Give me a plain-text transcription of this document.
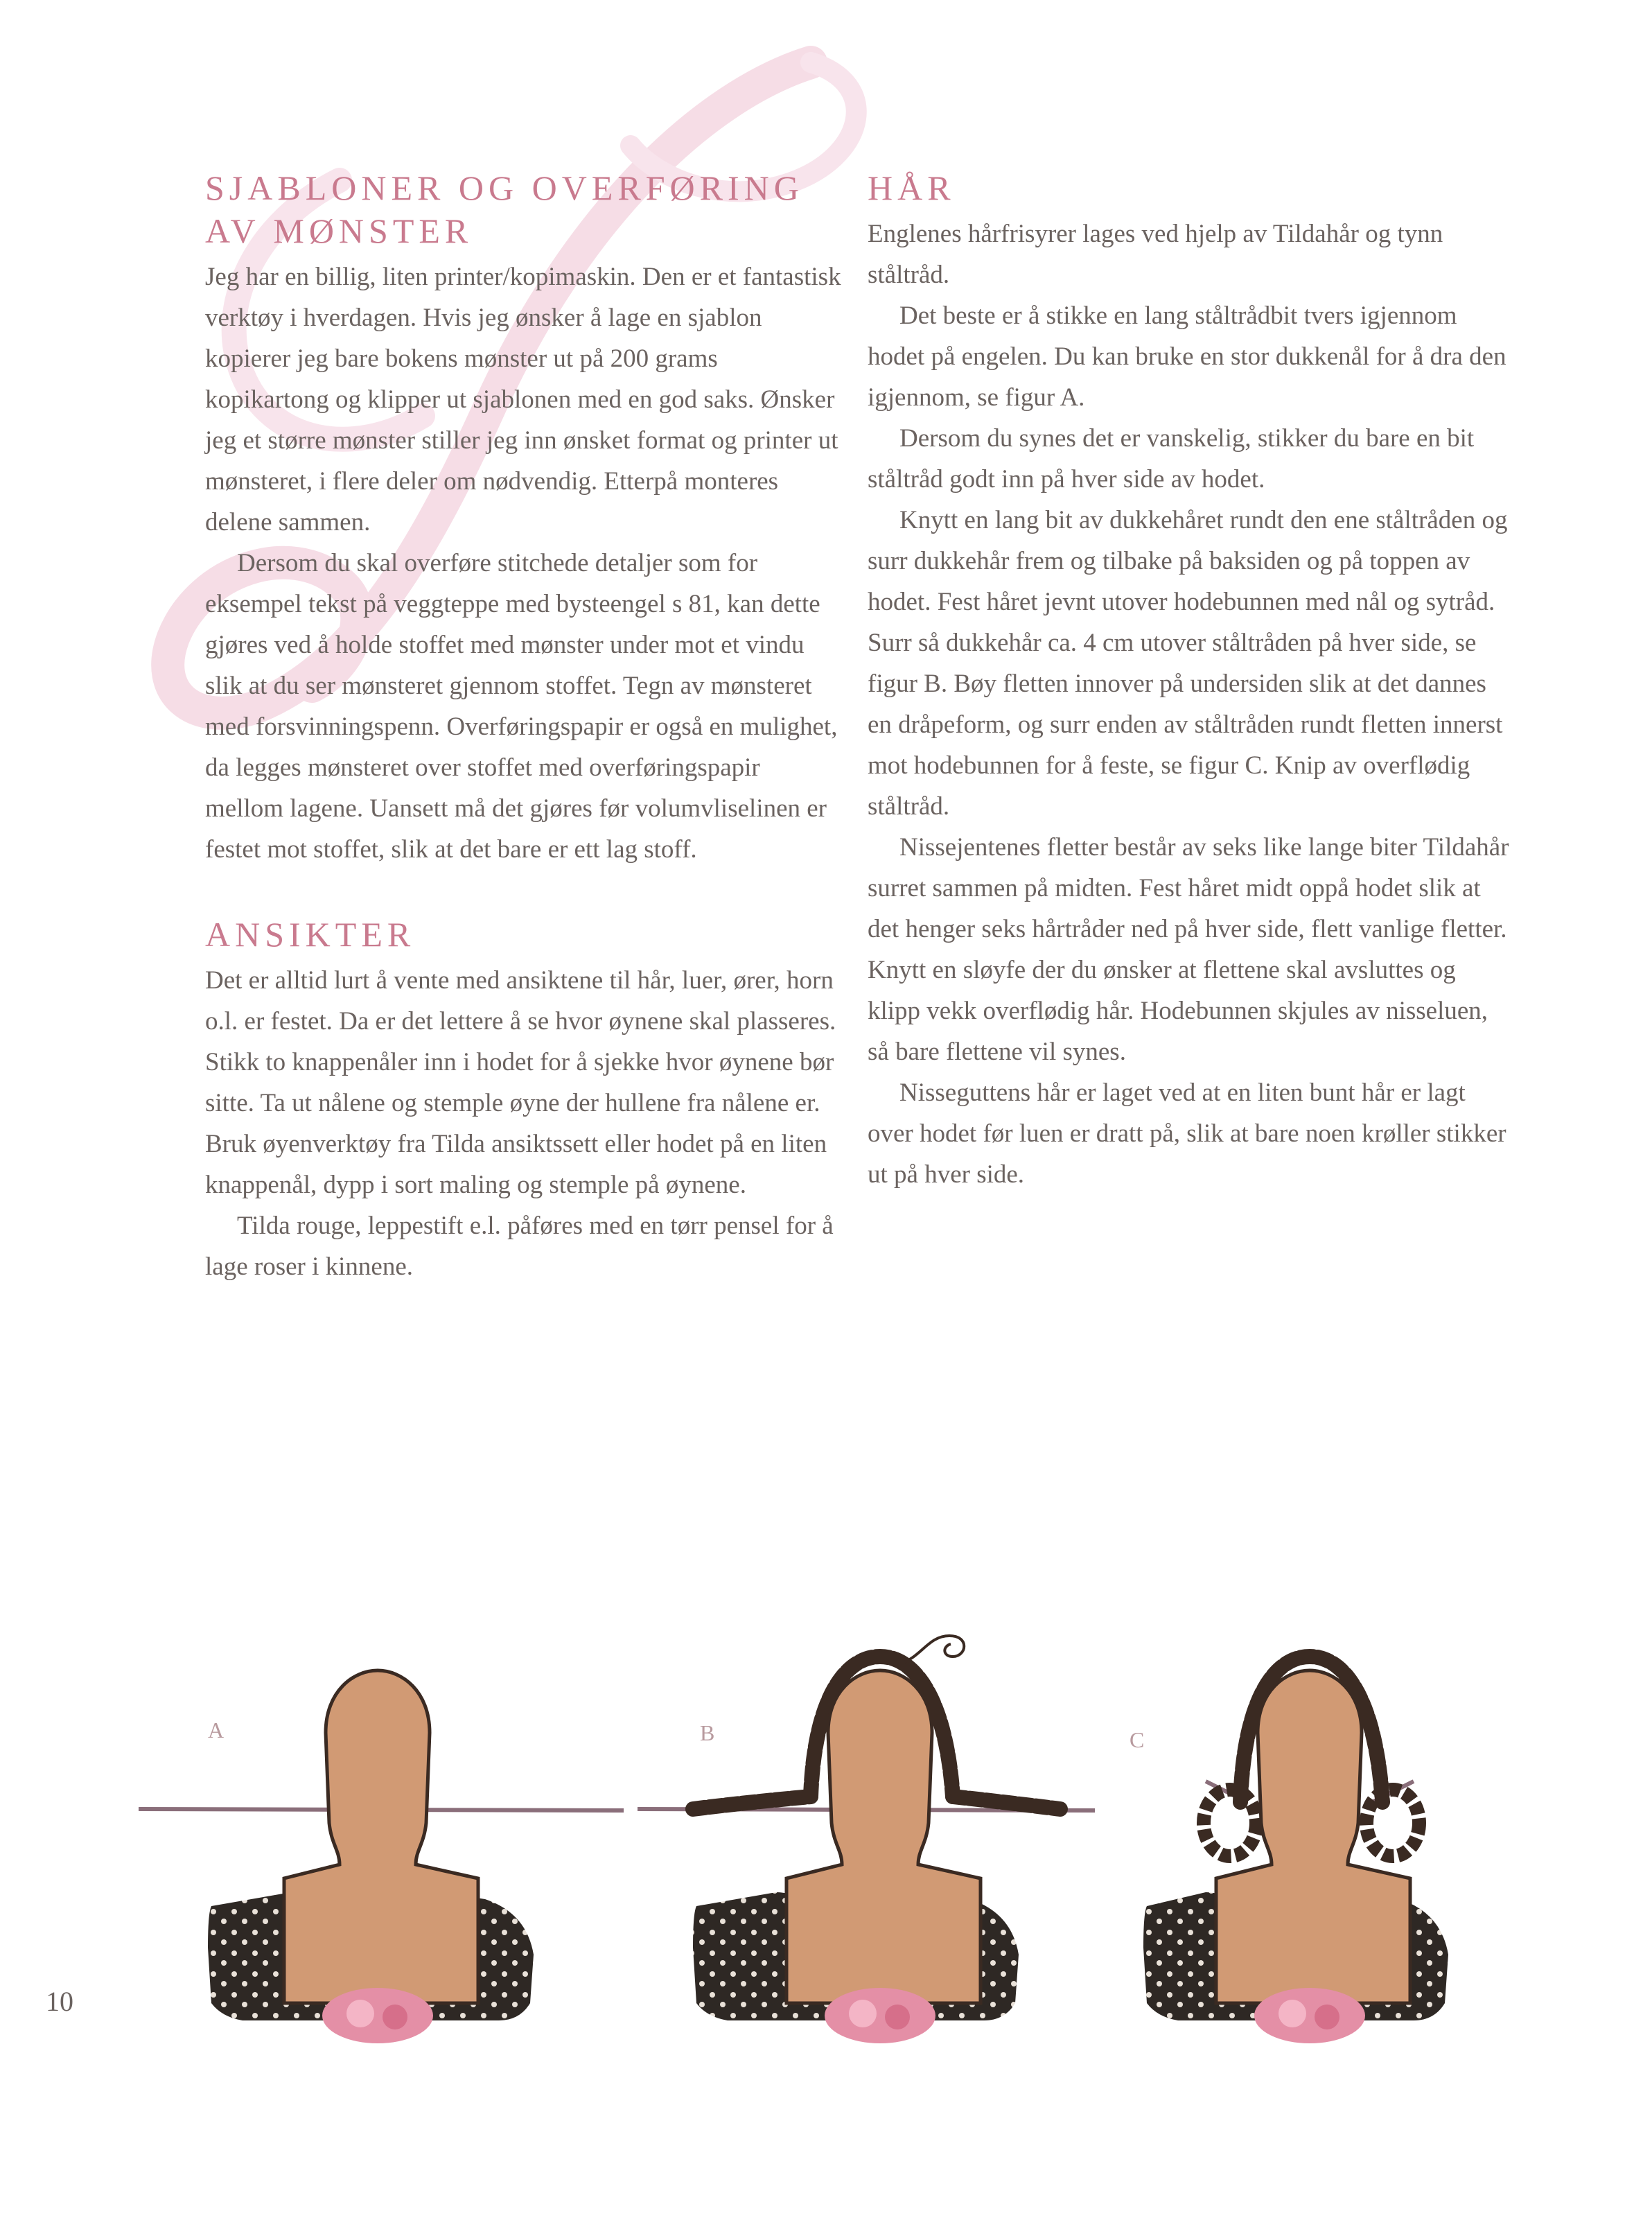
SJABLONER OG OVERFØRING AV MØNSTER

Jeg har en billig, liten printer/kopimaskin. Den er et fantastisk verktøy i hverdagen. Hvis jeg ønsker å lage en sjablon kopierer jeg bare bokens mønster ut på 200 grams kopikartong og klipper ut sjablonen med en god saks. Ønsker jeg et større mønster stiller jeg inn ønsket format og printer ut mønsteret, i flere deler om nødvendig. Etterpå monteres delene sammen.

Dersom du skal overføre stitchede detaljer som for eksempel tekst på veggteppe med bysteengel s 81, kan dette gjøres ved å holde stoffet med mønster under mot et vindu slik at du ser mønsteret gjennom stoffet. Tegn av mønsteret med forsvinningspenn. Overføringspapir er også en mulighet, da legges mønsteret over stoffet med overføringspapir mellom lagene. Uansett må det gjøres før volumvliselinen er festet mot stoffet, slik at det bare er ett lag stoff.

ANSIKTER

Det er alltid lurt å vente med ansiktene til hår, luer, ører, horn o.l. er festet. Da er det lettere å se hvor øynene skal plasseres. Stikk to knappenåler inn i hodet for å sjekke hvor øynene bør sitte. Ta ut nålene og stemple øyne der hullene fra nålene er. Bruk øyenverktøy fra Tilda ansiktssett eller hodet på en liten knappenål, dypp i sort maling og stemple på øynene.

Tilda rouge, leppestift e.l. påføres med en tørr pensel for å lage roser i kinnene.

HÅR

Englenes hårfrisyrer lages ved hjelp av Tildahår og tynn ståltråd.

Det beste er å stikke en lang ståltrådbit tvers igjennom hodet på engelen. Du kan bruke en stor dukkenål for å dra den igjennom, se figur A.

Dersom du synes det er vanskelig, stikker du bare en bit ståltråd godt inn på hver side av hodet.

Knytt en lang bit av dukkehåret rundt den ene ståltråden og surr dukkehår frem og tilbake på baksiden og på toppen av hodet. Fest håret jevnt utover hodebunnen med nål og sytråd. Surr så dukkehår ca. 4 cm utover ståltråden på hver side, se figur B. Bøy fletten innover på undersiden slik at det dannes en dråpeform, og surr enden av ståltråden rundt fletten innerst mot hodebunnen for å feste, se figur C. Knip av overflødig ståltråd.

Nissejentenes fletter består av seks like lange biter Tildahår surret sammen på midten. Fest håret midt oppå hodet slik at det henger seks hårtråder ned på hver side, flett vanlige fletter. Knytt en sløyfe der du ønsker at flettene skal avsluttes og klipp vekk overflødig hår. Hodebunnen skjules av nisseluen, så bare flettene vil synes.

Nisseguttens hår er laget ved at en liten bunt hår er lagt over hodet før luen er dratt på, slik at bare noen krøller stikker ut på hver side.

A	B	C
10
